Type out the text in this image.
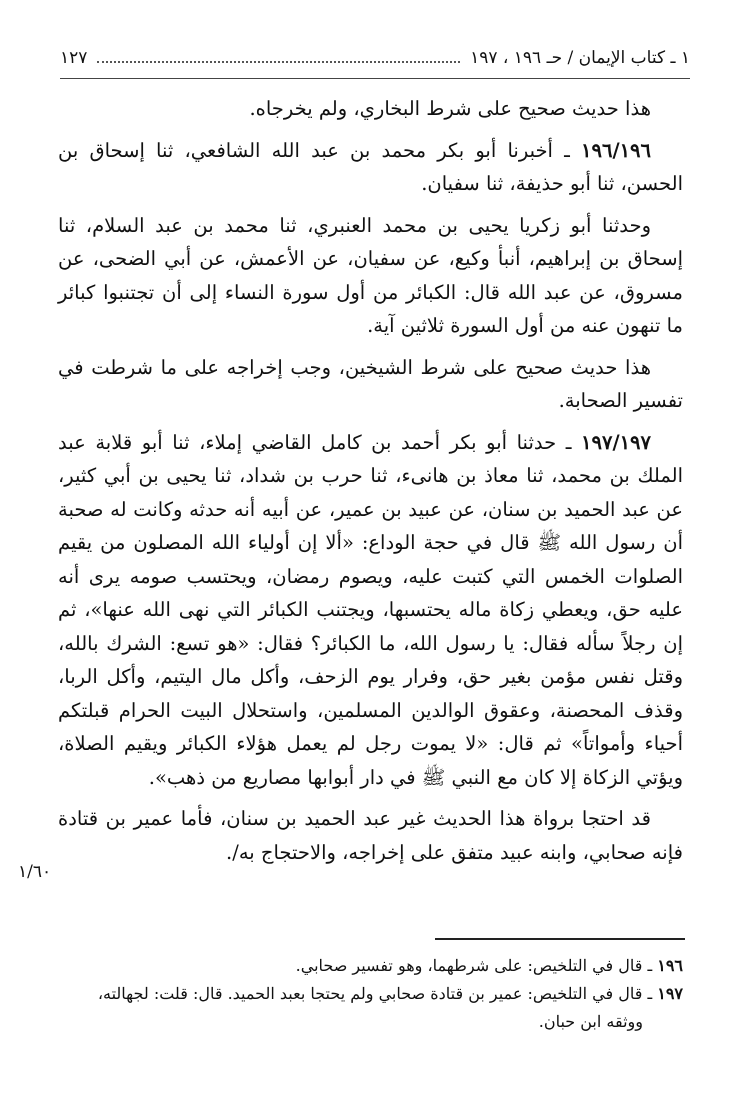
١ ـ كتاب الإيمان / حـ ١٩٦ ، ١٩٧
١٢٧

هذا حديث صحيح على شرط البخاري، ولم يخرجاه.

١٩٦/١٩٦ ـ أخبرنا أبو بكر محمد بن عبد الله الشافعي، ثنا إسحاق بن الحسن، ثنا أبو حذيفة، ثنا سفيان.

وحدثنا أبو زكريا يحيى بن محمد العنبري، ثنا محمد بن عبد السلام، ثنا إسحاق بن إبراهيم، أنبأ وكيع، عن سفيان، عن الأعمش، عن أبي الضحى، عن مسروق، عن عبد الله قال: الكبائر من أول سورة النساء إلى أن تجتنبوا كبائر ما تنهون عنه من أول السورة ثلاثين آية.

هذا حديث صحيح على شرط الشيخين، وجب إخراجه على ما شرطت في تفسير الصحابة.

١٩٧/١٩٧ ـ حدثنا أبو بكر أحمد بن كامل القاضي إملاء، ثنا أبو قلابة عبد الملك بن محمد، ثنا معاذ بن هانىء، ثنا حرب بن شداد، ثنا يحيى بن أبي كثير، عن عبد الحميد بن سنان، عن عبيد بن عمير، عن أبيه أنه حدثه وكانت له صحبة أن رسول الله ﷺ قال في حجة الوداع: «ألا إن أولياء الله المصلون من يقيم الصلوات الخمس التي كتبت عليه، ويصوم رمضان، ويحتسب صومه يرى أنه عليه حق، ويعطي زكاة ماله يحتسبها، ويجتنب الكبائر التي نهى الله عنها»، ثم إن رجلاً سأله فقال: يا رسول الله، ما الكبائر؟ فقال: «هو تسع: الشرك بالله، وقتل نفس مؤمن بغير حق، وفرار يوم الزحف، وأكل مال اليتيم، وأكل الربا، وقذف المحصنة، وعقوق الوالدين المسلمين، واستحلال البيت الحرام قبلتكم أحياء وأمواتاً» ثم قال: «لا يموت رجل لم يعمل هؤلاء الكبائر ويقيم الصلاة، ويؤتي الزكاة إلا كان مع النبي ﷺ في دار أبوابها مصاريع من ذهب».

قد احتجا برواة هذا الحديث غير عبد الحميد بن سنان، فأما عمير بن قتادة فإنه صحابي، وابنه عبيد متفق على إخراجه، والاحتجاج به/.

١/٦٠

١٩٦ ـ قال في التلخيص: على شرطهما، وهو تفسير صحابي.

١٩٧ ـ قال في التلخيص: عمير بن قتادة صحابي ولم يحتجا بعبد الحميد. قال: قلت: لجهالته،

ووثقه ابن حبان.
